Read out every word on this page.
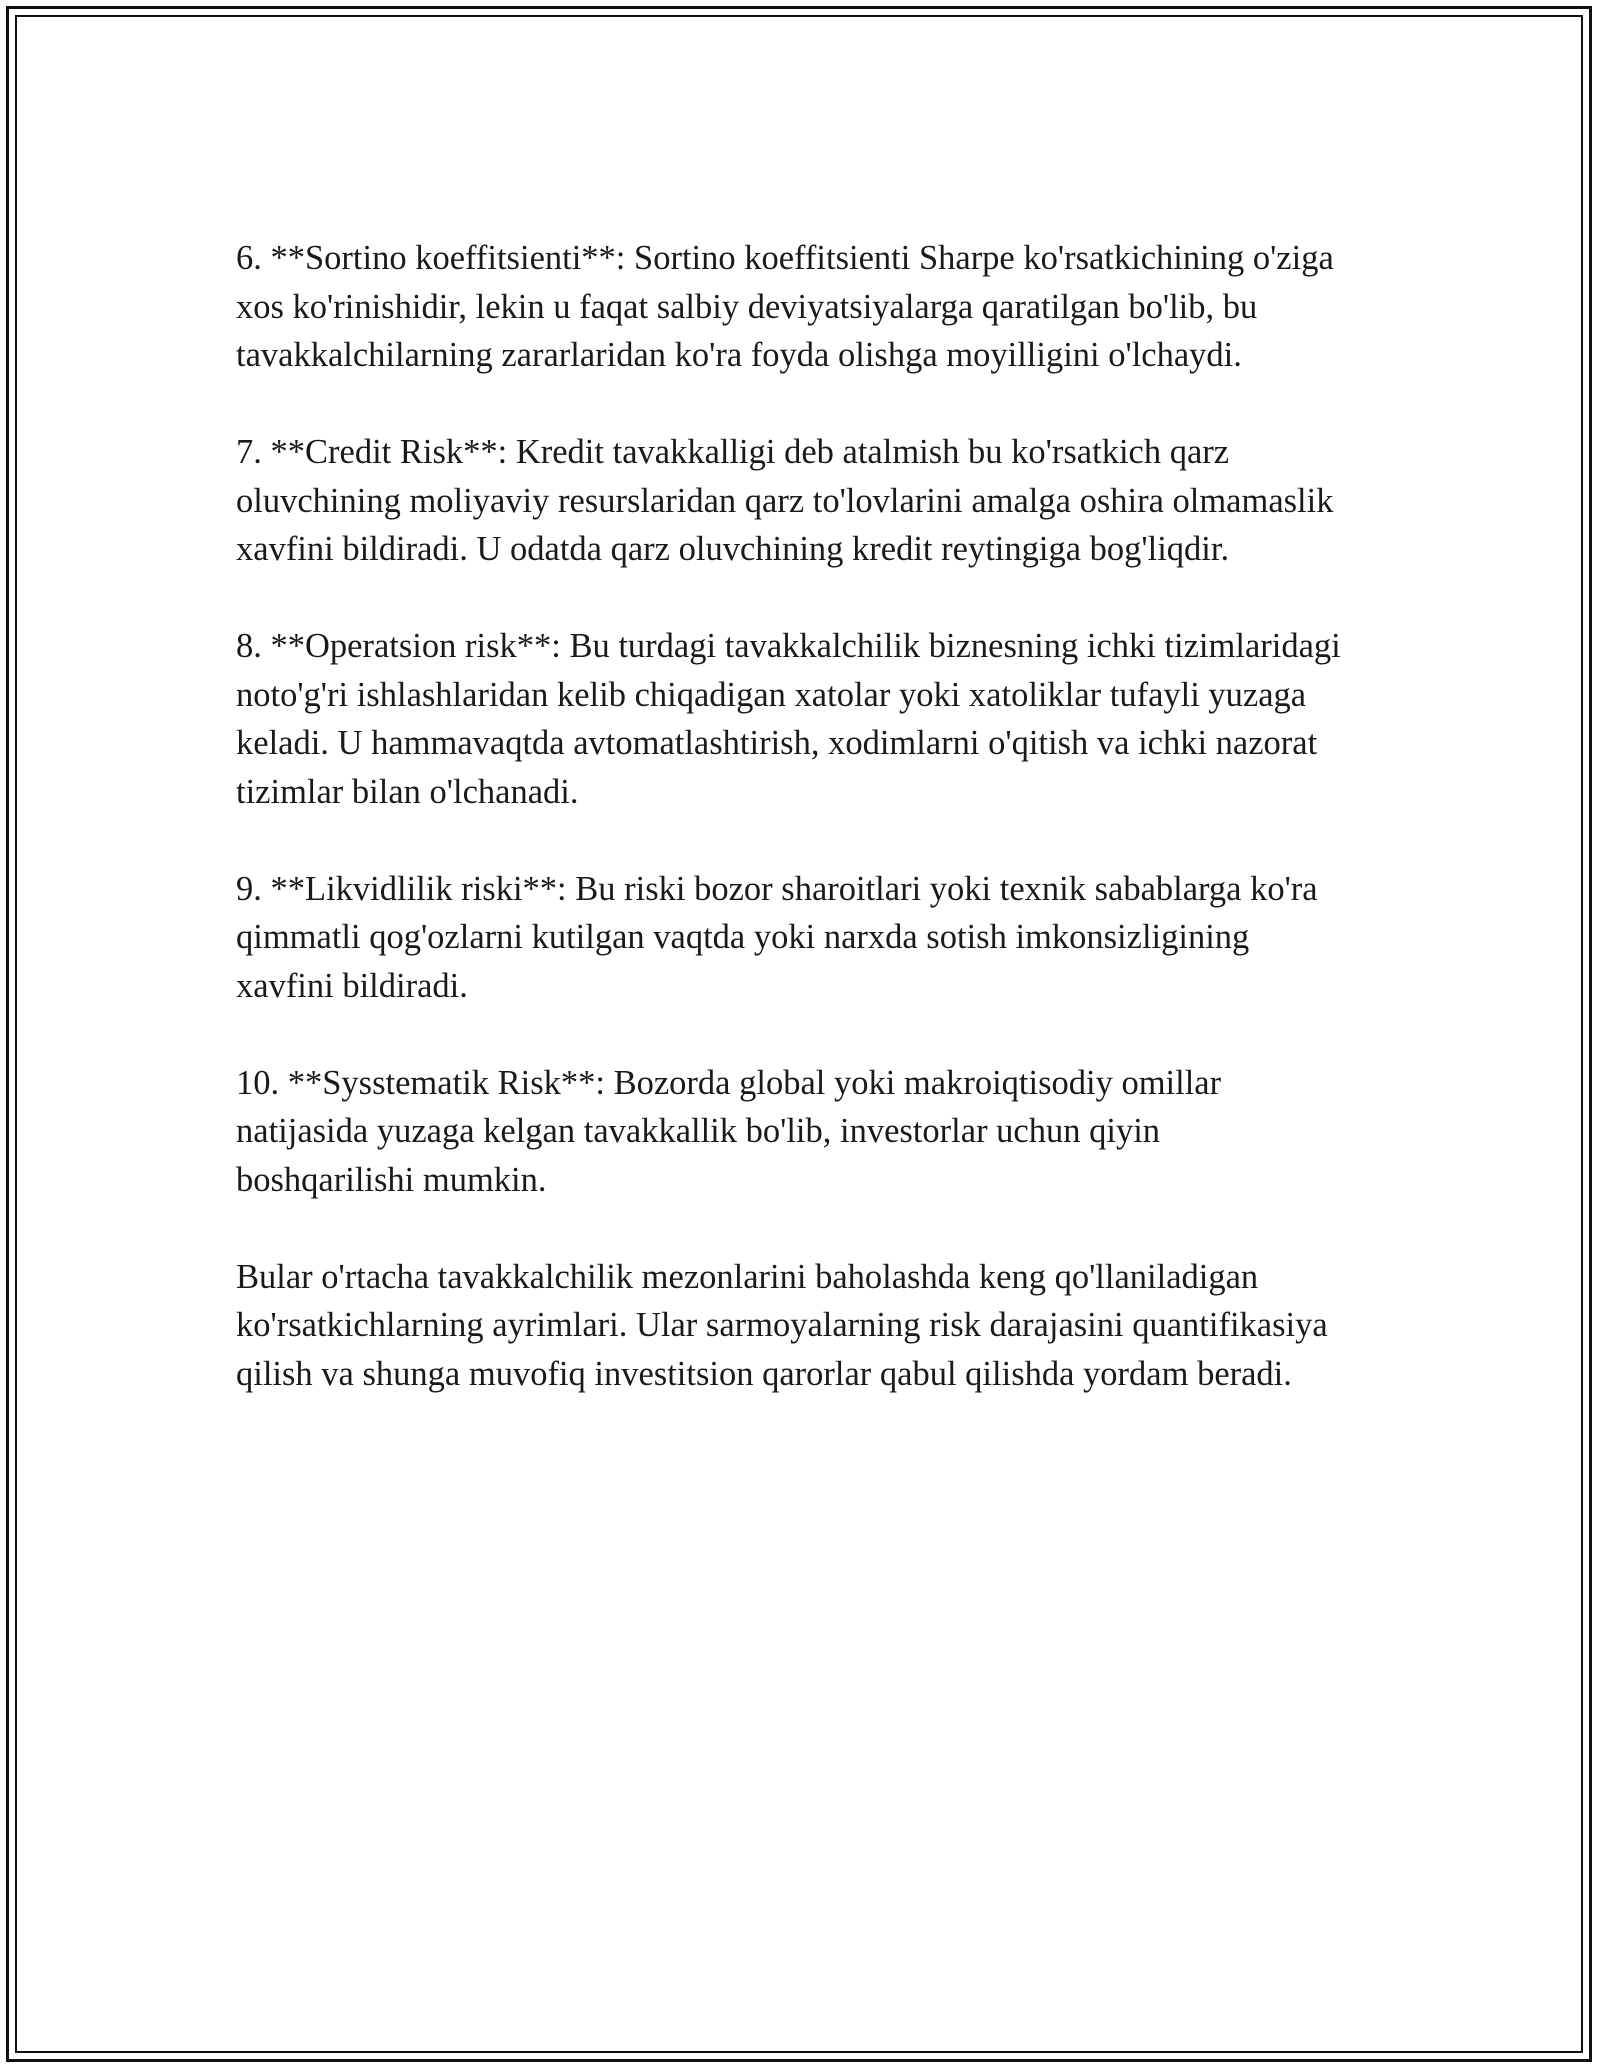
6. **Sortino koeffitsienti**: Sortino koeffitsienti Sharpe ko'rsatkichining o'ziga xos ko'rinishidir, lekin u faqat salbiy deviyatsiyalarga qaratilgan bo'lib, bu tavakkalchilarning zararlaridan ko'ra foyda olishga moyilligini o'lchaydi.

7. **Credit Risk**: Kredit tavakkalligi deb atalmish bu ko'rsatkich qarz oluvchining moliyaviy resurslaridan qarz to'lovlarini amalga oshira olmamaslik xavfini bildiradi. U odatda qarz oluvchining kredit reytingiga bog'liqdir.

8. **Operatsion risk**: Bu turdagi tavakkalchilik biznesning ichki tizimlaridagi noto'g'ri ishlashlaridan kelib chiqadigan xatolar yoki xatoliklar tufayli yuzaga keladi. U hammavaqtda avtomatlashtirish, xodimlarni o'qitish va ichki nazorat tizimlar bilan o'lchanadi.

9. **Likvidlilik riski**: Bu riski bozor sharoitlari yoki texnik sabablarga ko'ra qimmatli qog'ozlarni kutilgan vaqtda yoki narxda sotish imkonsizligining xavfini bildiradi.

10. **Sysstematik Risk**: Bozorda global yoki makroiqtisodiy omillar natijasida yuzaga kelgan tavakkallik bo'lib, investorlar uchun qiyin boshqarilishi mumkin.

Bular o'rtacha tavakkalchilik mezonlarini baholashda keng qo'llaniladigan ko'rsatkichlarning ayrimlari. Ular sarmoyalarning risk darajasini quantifikasiya qilish va shunga muvofiq investitsion qarorlar qabul qilishda yordam beradi.
